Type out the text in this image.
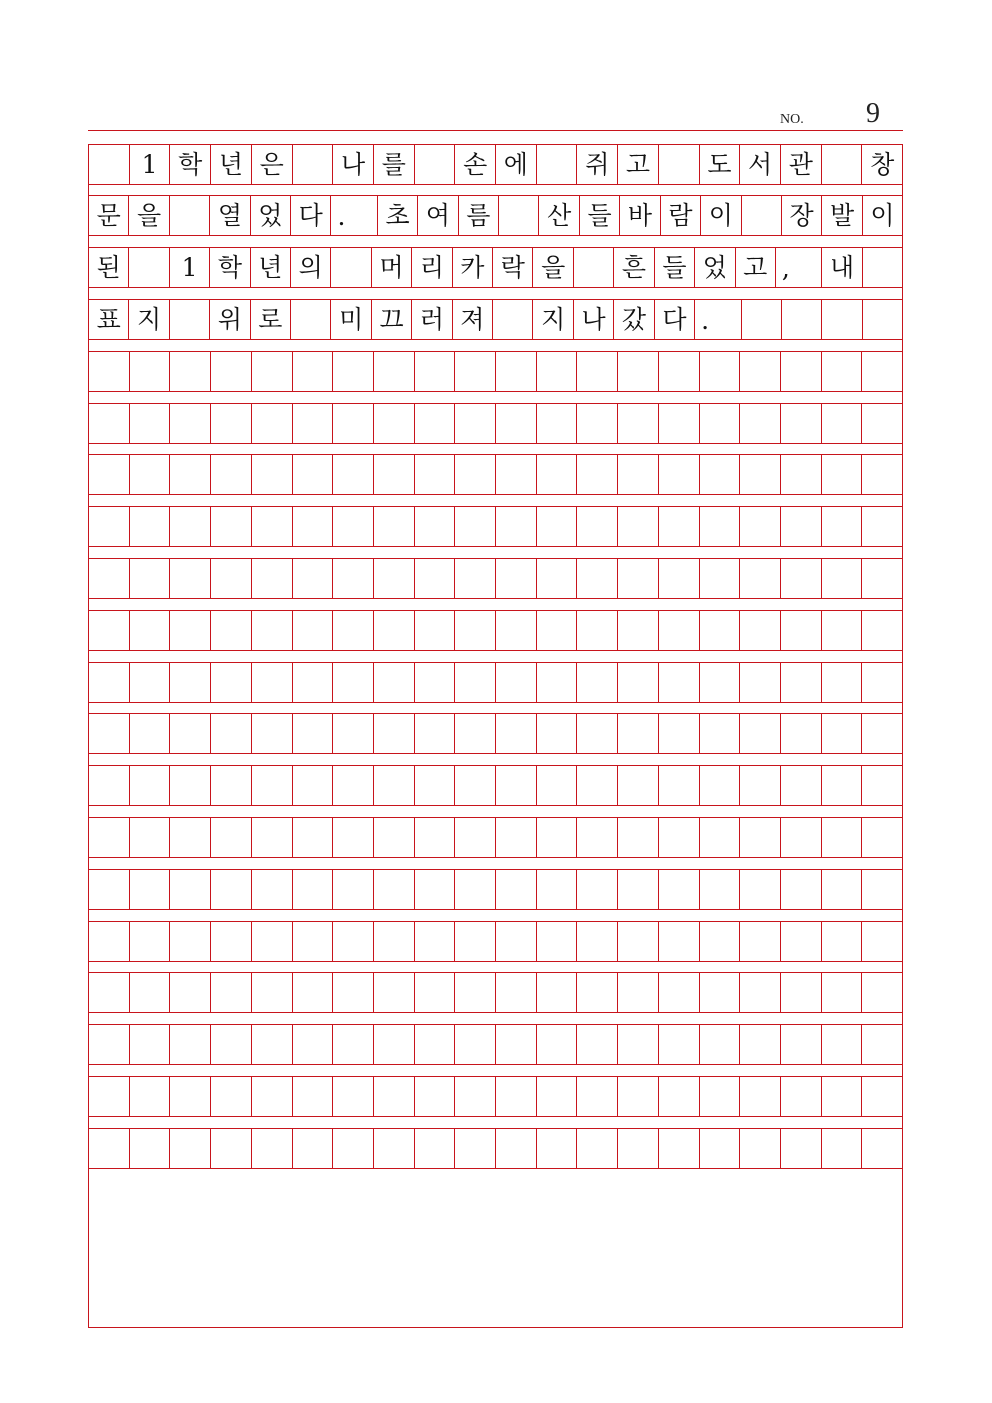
NO. 9
1 학 년 은	나 를	손 에	쥐 고	도 서 관	창
문 을	열 었 다 .	초 여 름	산 들 바 람 이	장 발 이
된	1 학 년 의	머 리 카 락 을	흔 들 었 고 ,	내
표 지	위 로	미 끄 러 져	지 나 갔 다 .
